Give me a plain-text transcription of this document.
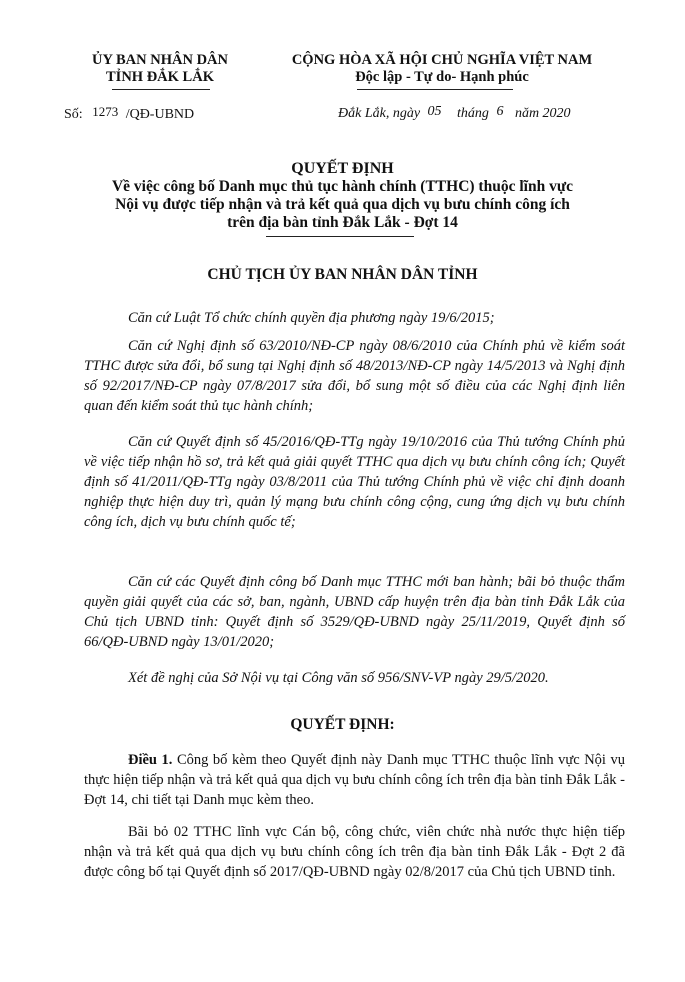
ỦY BAN NHÂN DÂN
TỈNH ĐẮK LẮK
CỘNG HÒA XÃ HỘI CHỦ NGHĨA VIỆT NAM
Độc lập - Tự do- Hạnh phúc
Số: 1273 /QĐ-UBND	Đắk Lắk, ngày 05 tháng 6 năm 2020
QUYẾT ĐỊNH
Về việc công bố Danh mục thủ tục hành chính (TTHC) thuộc lĩnh vực
Nội vụ được tiếp nhận và trả kết quả qua dịch vụ bưu chính công ích
trên địa bàn tỉnh Đắk Lắk - Đợt 14
CHỦ TỊCH ỦY BAN NHÂN DÂN TỈNH
Căn cứ Luật Tổ chức chính quyền địa phương ngày 19/6/2015;
Căn cứ Nghị định số 63/2010/NĐ-CP ngày 08/6/2010 của Chính phủ về kiểm soát TTHC được sửa đổi, bổ sung tại Nghị định số 48/2013/NĐ-CP ngày 14/5/2013 và Nghị định số 92/2017/NĐ-CP ngày 07/8/2017 sửa đổi, bổ sung một số điều của các Nghị định liên quan đến kiểm soát thủ tục hành chính;
Căn cứ Quyết định số 45/2016/QĐ-TTg ngày 19/10/2016 của Thủ tướng Chính phủ về việc tiếp nhận hồ sơ, trả kết quả giải quyết TTHC qua dịch vụ bưu chính công ích; Quyết định số 41/2011/QĐ-TTg ngày 03/8/2011 của Thủ tướng Chính phủ về việc chỉ định doanh nghiệp thực hiện duy trì, quản lý mạng bưu chính công cộng, cung ứng dịch vụ bưu chính công ích, dịch vụ bưu chính quốc tế;
Căn cứ các Quyết định công bố Danh mục TTHC mới ban hành; bãi bỏ thuộc thẩm quyền giải quyết của các sở, ban, ngành, UBND cấp huyện trên địa bàn tỉnh Đắk Lắk của Chủ tịch UBND tỉnh: Quyết định số 3529/QĐ-UBND ngày 25/11/2019, Quyết định số 66/QĐ-UBND ngày 13/01/2020;
Xét đề nghị của Sở Nội vụ tại Công văn số 956/SNV-VP ngày 29/5/2020.
QUYẾT ĐỊNH:
Điều 1. Công bố kèm theo Quyết định này Danh mục TTHC thuộc lĩnh vực Nội vụ thực hiện tiếp nhận và trả kết quả qua dịch vụ bưu chính công ích trên địa bàn tỉnh Đắk Lắk - Đợt 14, chi tiết tại Danh mục kèm theo.
Bãi bỏ 02 TTHC lĩnh vực Cán bộ, công chức, viên chức nhà nước thực hiện tiếp nhận và trả kết quả qua dịch vụ bưu chính công ích trên địa bàn tỉnh Đắk Lắk - Đợt 2 đã được công bố tại Quyết định số 2017/QĐ-UBND ngày 02/8/2017 của Chủ tịch UBND tỉnh.
